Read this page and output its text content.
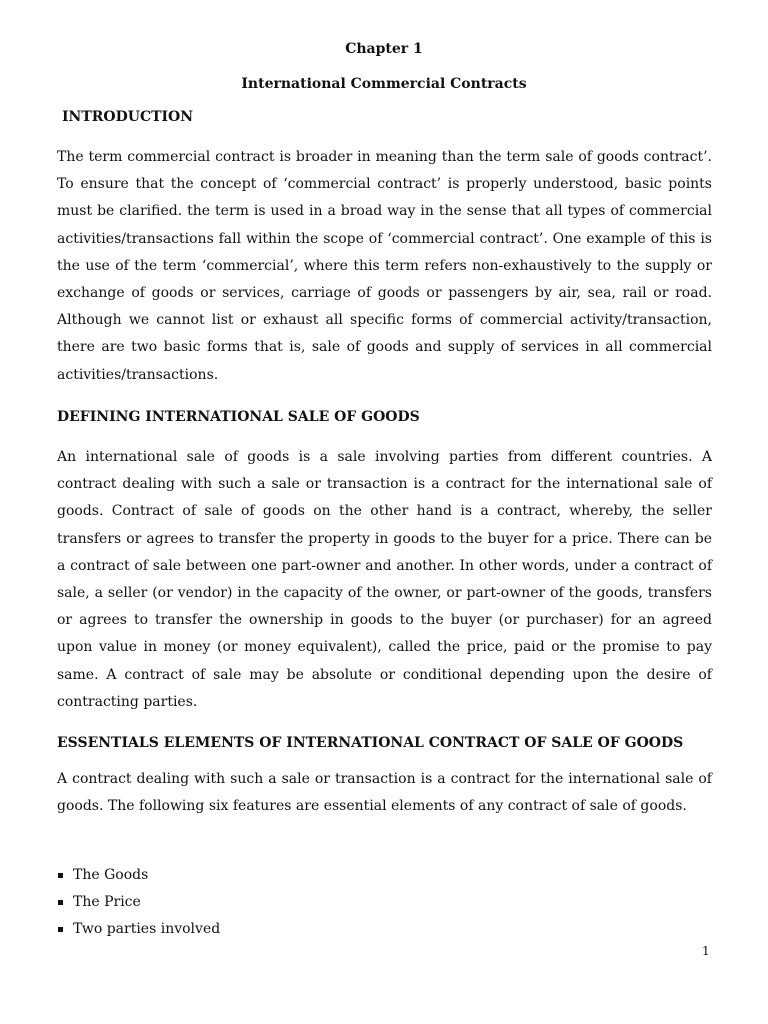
Chapter 1
International Commercial Contracts
INTRODUCTION
The term commercial contract is broader in meaning than the term sale of goods contract’. To ensure that the concept of ‘commercial contract’ is properly understood, basic points must be clarified. the term is used in a broad way in the sense that all types of commercial activities/transactions fall within the scope of ‘commercial contract’. One example of this is the use of the term ‘commercial’, where this term refers non-exhaustively to the supply or exchange of goods or services, carriage of goods or passengers by air, sea, rail or road. Although we cannot list or exhaust all specific forms of commercial activity/transaction, there are two basic forms that is, sale of goods and supply of services in all commercial activities/transactions.
DEFINING INTERNATIONAL SALE OF GOODS
An international sale of goods is a sale involving parties from different countries. A contract dealing with such a sale or transaction is a contract for the international sale of goods. Contract of sale of goods on the other hand is a contract, whereby, the seller transfers or agrees to transfer the property in goods to the buyer for a price. There can be a contract of sale between one part-owner and another. In other words, under a contract of sale, a seller (or vendor) in the capacity of the owner, or part-owner of the goods, transfers or agrees to transfer the ownership in goods to the buyer (or purchaser) for an agreed upon value in money (or money equivalent), called the price, paid or the promise to pay same. A contract of sale may be absolute or conditional depending upon the desire of contracting parties.
ESSENTIALS ELEMENTS OF INTERNATIONAL CONTRACT OF SALE OF GOODS
A contract dealing with such a sale or transaction is a contract for the international sale of goods. The following six features are essential elements of any contract of sale of goods.
The Goods
The Price
Two parties involved
1
